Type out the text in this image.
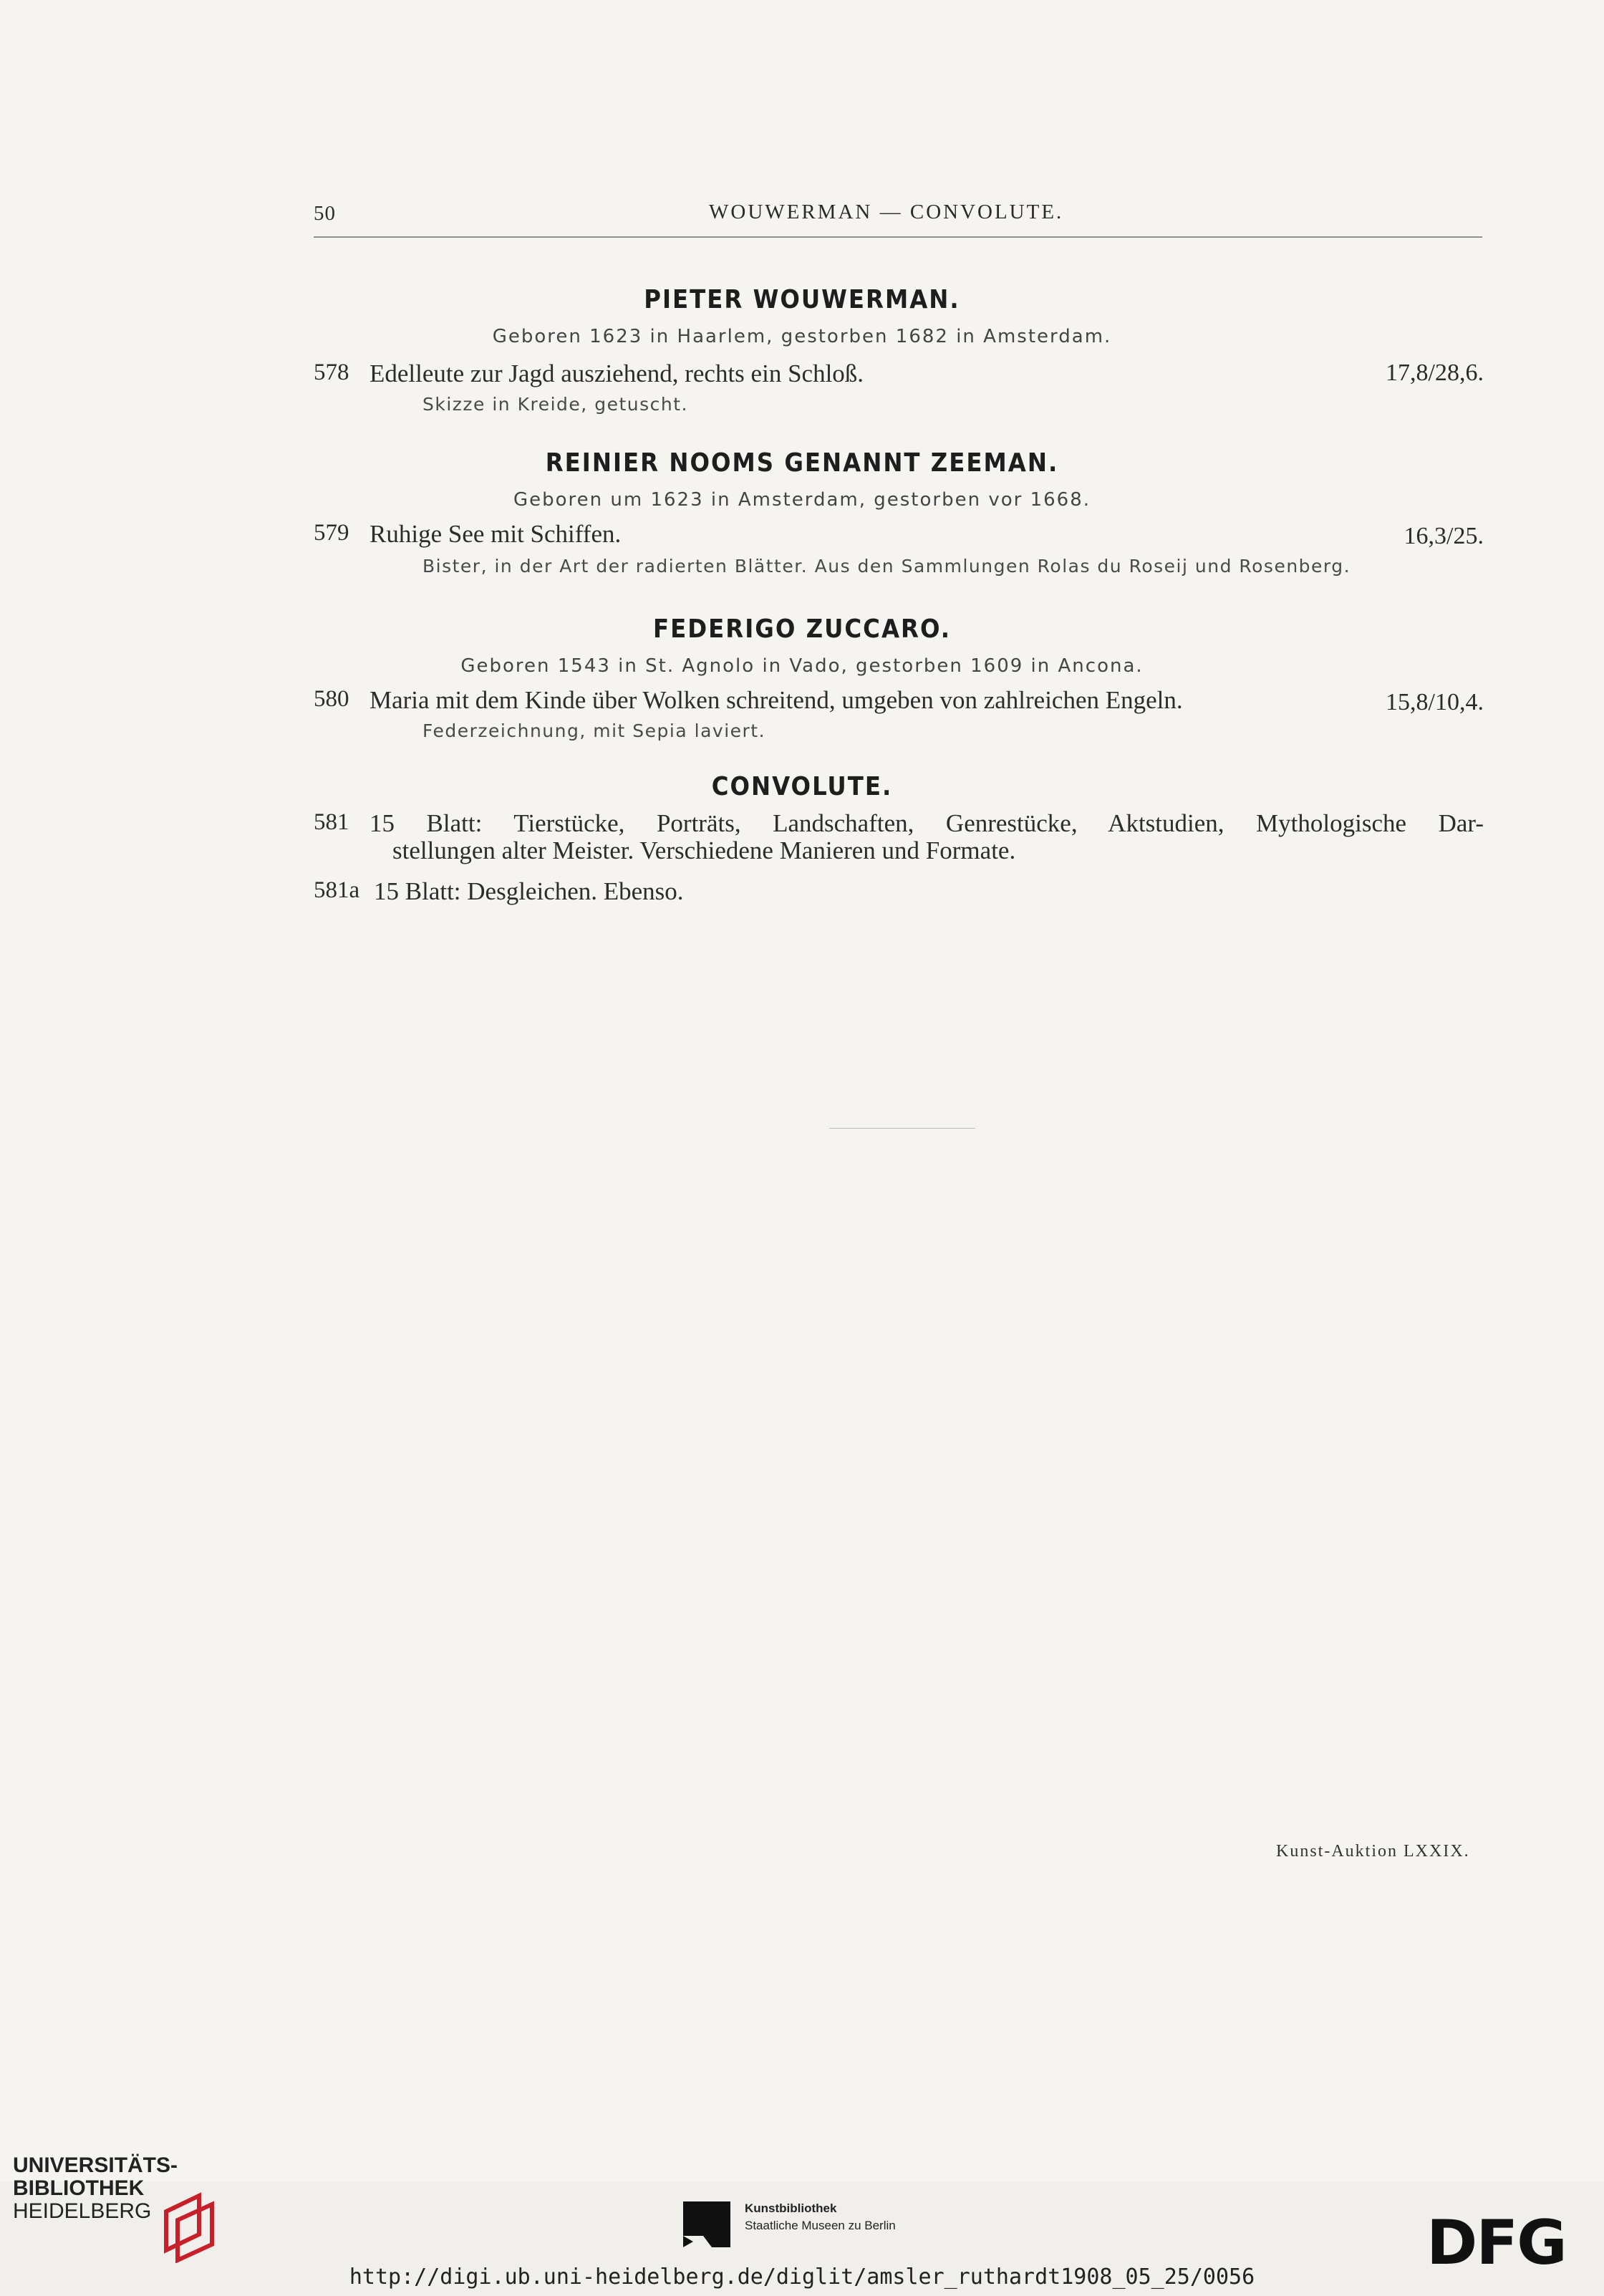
50	WOUWERMAN — CONVOLUTE.
PIETER WOUWERMAN.
Geboren 1623 in Haarlem, gestorben 1682 in Amsterdam.
578 Edelleute zur Jagd ausziehend, rechts ein Schloß.	17,8/28,6.
Skizze in Kreide, getuscht.
REINIER NOOMS GENANNT ZEEMAN.
Geboren um 1623 in Amsterdam, gestorben vor 1668.
579 Ruhige See mit Schiffen.	16,3/25.
Bister, in der Art der radierten Blätter. Aus den Sammlungen Rolas du Roseij und Rosenberg.
FEDERIGO ZUCCARO.
Geboren 1543 in St. Agnolo in Vado, gestorben 1609 in Ancona.
580 Maria mit dem Kinde über Wolken schreitend, umgeben von zahlreichen Engeln.	15,8/10,4.
Federzeichnung, mit Sepia laviert.
CONVOLUTE.
581 15 Blatt: Tierstücke, Porträts, Landschaften, Genrestücke, Aktstudien, Mythologische Dar-
stellungen alter Meister. Verschiedene Manieren und Formate.
581a 15 Blatt: Desgleichen. Ebenso.
Kunst-Auktion LXXIX.
UNIVERSITÄTS-
BIBLIOTHEK
HEIDELBERG	Kunstbibliothek
Staatliche Museen zu Berlin	DFG
http://digi.ub.uni-heidelberg.de/diglit/amsler_ruthardt1908_05_25/0056
